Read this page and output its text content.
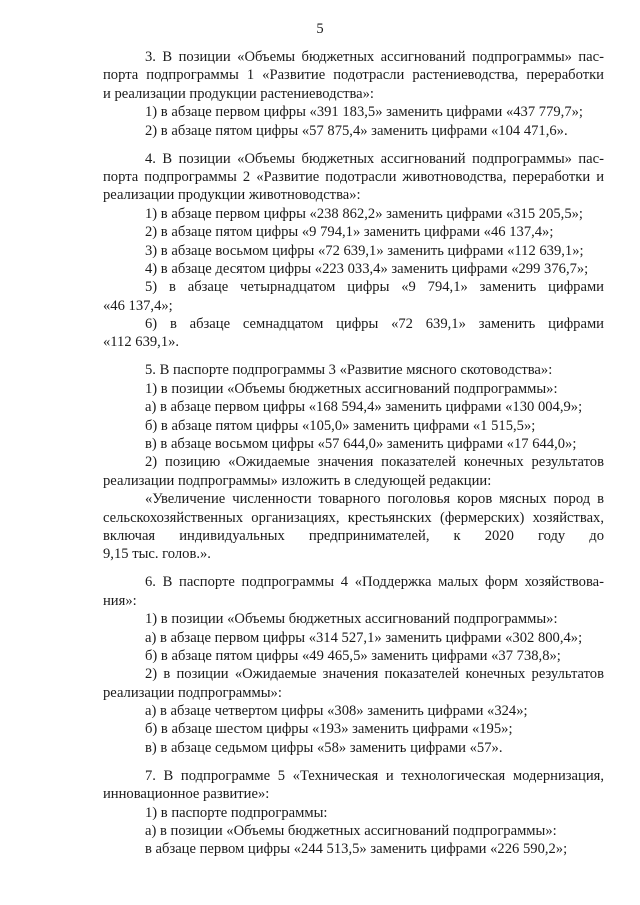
5
3. В позиции «Объемы бюджетных ассигнований подпрограммы» пас-
порта подпрограммы 1 «Развитие подотрасли растениеводства, переработки
и реализации продукции растениеводства»:
1) в абзаце первом цифры «391 183,5» заменить цифрами «437 779,7»;
2) в абзаце пятом цифры «57 875,4» заменить цифрами «104 471,6».
4. В позиции «Объемы бюджетных ассигнований подпрограммы» пас-
порта подпрограммы 2 «Развитие подотрасли животноводства, переработки и
реализации продукции животноводства»:
1) в абзаце первом цифры «238 862,2» заменить цифрами «315 205,5»;
2) в абзаце пятом цифры «9 794,1» заменить цифрами «46 137,4»;
3) в абзаце восьмом цифры «72 639,1» заменить цифрами «112 639,1»;
4) в абзаце десятом цифры «223 033,4» заменить цифрами «299 376,7»;
5) в абзаце четырнадцатом цифры «9 794,1» заменить цифрами
«46 137,4»;
6) в абзаце семнадцатом цифры «72 639,1» заменить цифрами
«112 639,1».
5. В паспорте подпрограммы 3 «Развитие мясного скотоводства»:
1) в позиции «Объемы бюджетных ассигнований подпрограммы»:
а) в абзаце первом цифры «168 594,4» заменить цифрами «130 004,9»;
б) в абзаце пятом цифры «105,0» заменить цифрами «1 515,5»;
в) в абзаце восьмом цифры «57 644,0» заменить цифрами «17 644,0»;
2) позицию «Ожидаемые значения показателей конечных результатов
реализации подпрограммы» изложить в следующей редакции:
«Увеличение численности товарного поголовья коров мясных пород в
сельскохозяйственных организациях, крестьянских (фермерских) хозяйствах,
включая индивидуальных предпринимателей, к 2020 году до
9,15 тыс. голов.».
6. В паспорте подпрограммы 4 «Поддержка малых форм хозяйствова-
ния»:
1) в позиции «Объемы бюджетных ассигнований подпрограммы»:
а) в абзаце первом цифры «314 527,1» заменить цифрами «302 800,4»;
б) в абзаце пятом цифры «49 465,5» заменить цифрами «37 738,8»;
2) в позиции «Ожидаемые значения показателей конечных результатов
реализации подпрограммы»:
а) в абзаце четвертом цифры «308» заменить цифрами «324»;
б) в абзаце шестом цифры «193» заменить цифрами «195»;
в) в абзаце седьмом цифры «58» заменить цифрами «57».
7. В подпрограмме 5 «Техническая и технологическая модернизация,
инновационное развитие»:
1) в паспорте подпрограммы:
а) в позиции «Объемы бюджетных ассигнований подпрограммы»:
в абзаце первом цифры «244 513,5» заменить цифрами «226 590,2»;
